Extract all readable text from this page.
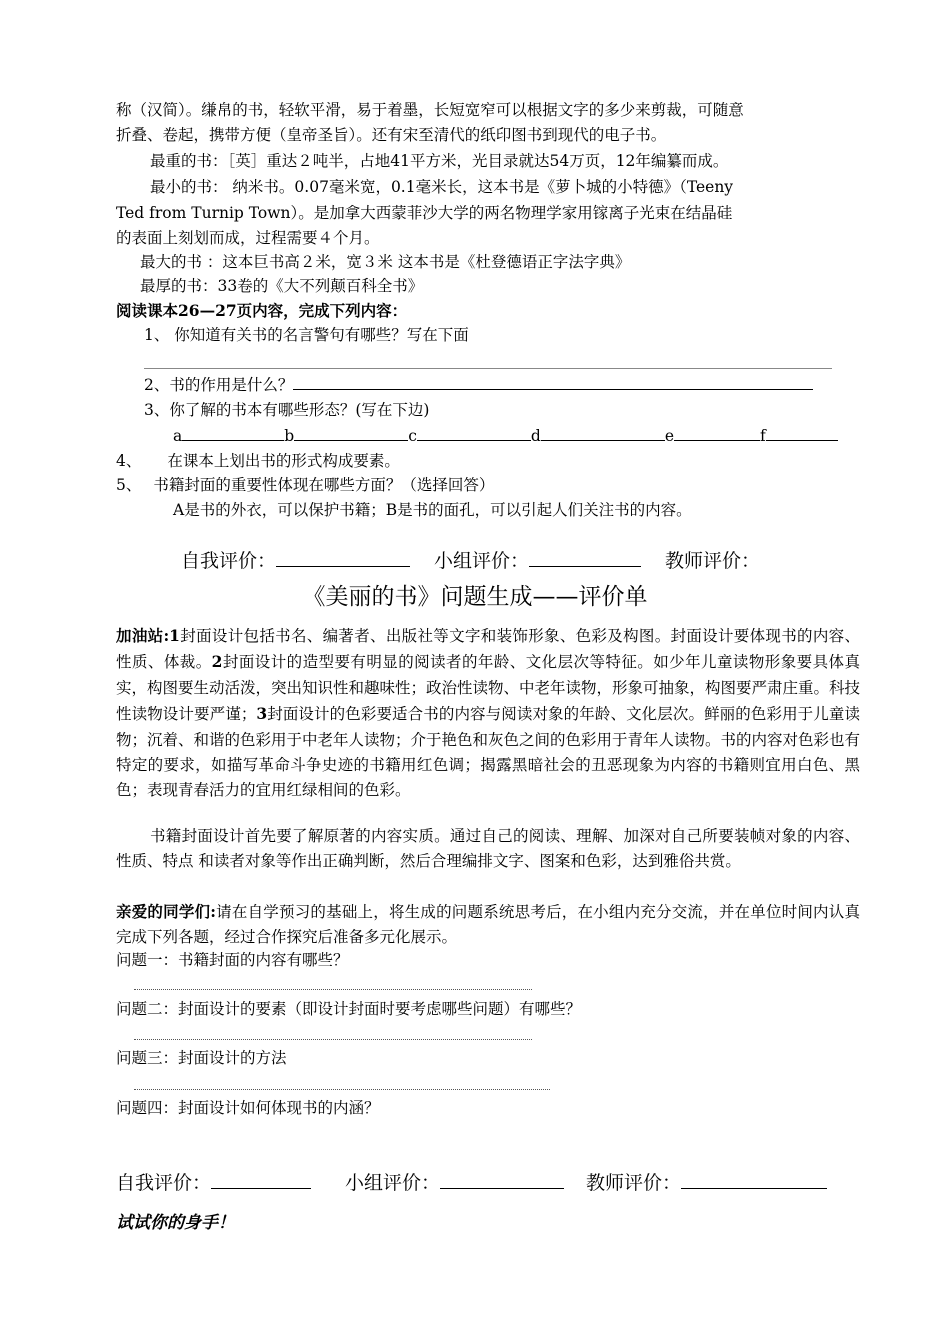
称（汉简）。缣帛的书，轻软平滑，易于着墨，长短宽窄可以根据文字的多少来剪裁，可随意
折叠、卷起，携带方便（皇帝圣旨）。还有宋至清代的纸印图书到现代的电子书。
最重的书：［英］重达２吨半，占地41平方米，光目录就达54万页，12年编纂而成。
最小的书： 纳米书。0.07毫米宽，0.1毫米长，这本书是《萝卜城的小特德》（Teeny
Ted from Turnip Town）。是加拿大西蒙菲沙大学的两名物理学家用镓离子光束在结晶硅
的表面上刻划而成，过程需要４个月。
最大的书 ：这本巨书高２米，宽３米 这本书是《杜登德语正字法字典》
最厚的书：33卷的《大不列颠百科全书》
阅读课本26—27页内容，完成下列内容：
1、 你知道有关书的名言警句有哪些？写在下面
2、书的作用是什么？
3、你了解的书本有哪些形态？(写在下边)
a	b	c	d	e	f
4、 在课本上划出书的形式构成要素。
5、 书籍封面的重要性体现在哪些方面？（选择回答）
A是书的外衣，可以保护书籍；B是书的面孔，可以引起人们关注书的内容。
自我评价：	小组评价：	教师评价：
《美丽的书》问题生成——评价单
加油站:1封面设计包括书名、编著者、出版社等文字和装饰形象、色彩及构图。封面设计要体现书的内容、性质、体裁。2封面设计的造型要有明显的阅读者的年龄、文化层次等特征。如少年儿童读物形象要具体真实，构图要生动活泼，突出知识性和趣味性；政治性读物、中老年读物，形象可抽象，构图要严肃庄重。科技性读物设计要严谨；3封面设计的色彩要适合书的内容与阅读对象的年龄、文化层次。鲜丽的色彩用于儿童读物；沉着、和谐的色彩用于中老年人读物；介于艳色和灰色之间的色彩用于青年人读物。书的内容对色彩也有特定的要求，如描写革命斗争史迹的书籍用红色调；揭露黑暗社会的丑恶现象为内容的书籍则宜用白色、黑色；表现青春活力的宜用红绿相间的色彩。
书籍封面设计首先要了解原著的内容实质。通过自己的阅读、理解、加深对自己所要装帧对象的内容、性质、特点 和读者对象等作出正确判断，然后合理编排文字、图案和色彩，达到雅俗共赏。
亲爱的同学们:请在自学预习的基础上，将生成的问题系统思考后，在小组内充分交流，并在单位时间内认真完成下列各题，经过合作探究后准备多元化展示。
问题一：书籍封面的内容有哪些？
问题二：封面设计的要素（即设计封面时要考虑哪些问题）有哪些？
问题三：封面设计的方法
问题四：封面设计如何体现书的内涵？
自我评价：	小组评价：	教师评价：
试试你的身手！
